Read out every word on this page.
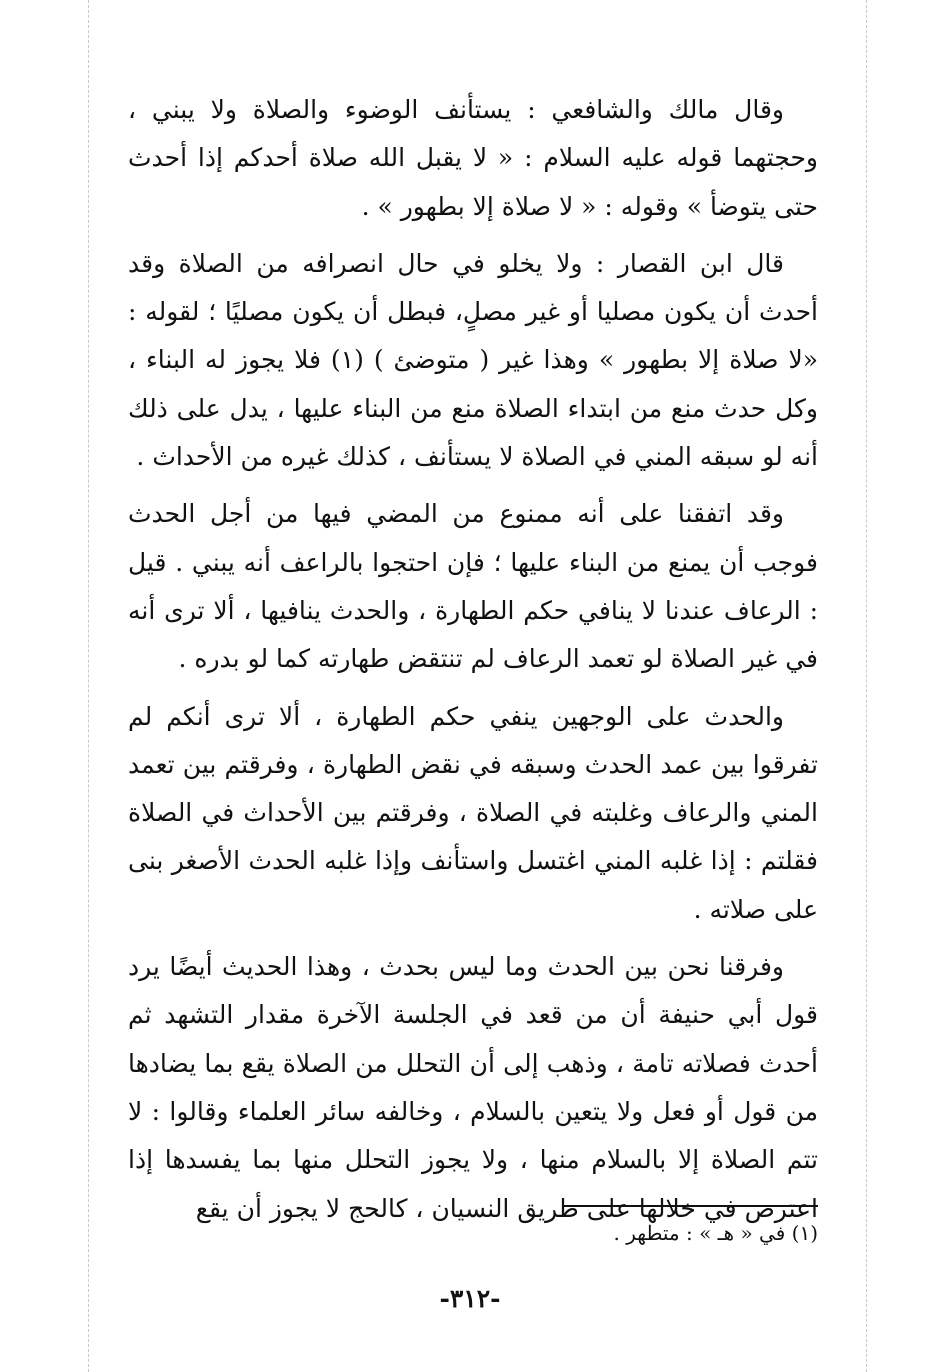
وقال مالك والشافعي : يستأنف الوضوء والصلاة ولا يبني ، وحجتهما قوله عليه السلام : « لا يقبل الله صلاة أحدكم إذا أحدث حتى يتوضأ » وقوله : « لا صلاة إلا بطهور » .

قال ابن القصار : ولا يخلو في حال انصرافه من الصلاة وقد أحدث أن يكون مصليا أو غير مصلٍ، فبطل أن يكون مصليًا ؛ لقوله : «لا صلاة إلا بطهور » وهذا غير ( متوضئ ) (١) فلا يجوز له البناء ، وكل حدث منع من ابتداء الصلاة منع من البناء عليها ، يدل على ذلك أنه لو سبقه المني في الصلاة لا يستأنف ، كذلك غيره من الأحداث .

وقد اتفقنا على أنه ممنوع من المضي فيها من أجل الحدث فوجب أن يمنع من البناء عليها ؛ فإن احتجوا بالراعف أنه يبني . قيل : الرعاف عندنا لا ينافي حكم الطهارة ، والحدث ينافيها ، ألا ترى أنه في غير الصلاة لو تعمد الرعاف لم تنتقض طهارته كما لو بدره .

والحدث على الوجهين ينفي حكم الطهارة ، ألا ترى أنكم لم تفرقوا بين عمد الحدث وسبقه في نقض الطهارة ، وفرقتم بين تعمد المني والرعاف وغلبته في الصلاة ، وفرقتم بين الأحداث في الصلاة فقلتم : إذا غلبه المني اغتسل واستأنف وإذا غلبه الحدث الأصغر بنى على صلاته .

وفرقنا نحن بين الحدث وما ليس بحدث ، وهذا الحديث أيضًا يرد قول أبي حنيفة أن من قعد في الجلسة الآخرة مقدار التشهد ثم أحدث فصلاته تامة ، وذهب إلى أن التحلل من الصلاة يقع بما يضادها من قول أو فعل ولا يتعين بالسلام ، وخالفه سائر العلماء وقالوا : لا تتم الصلاة إلا بالسلام منها ، ولا يجوز التحلل منها بما يفسدها إذا اعترض في خلالها على طريق النسيان ، كالحج لا يجوز أن يقع

(١) في « هـ » : متطهر .
-٣١٢-
